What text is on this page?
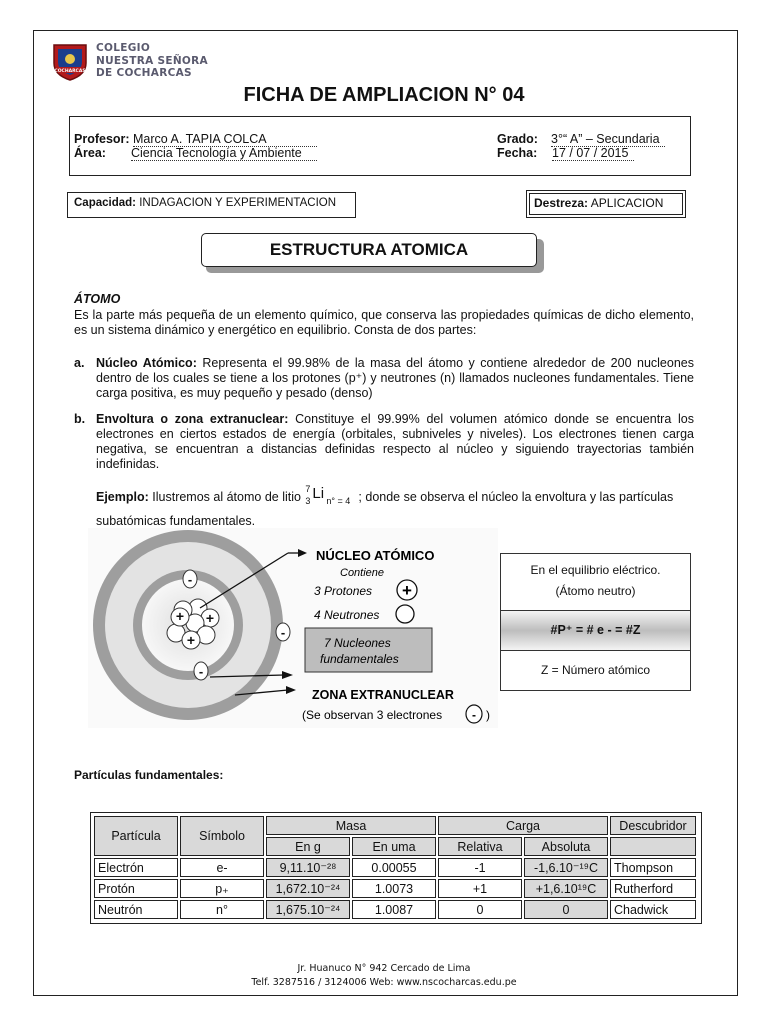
COCHARCAS
COLEGIO
NUESTRA SEÑORA
DE COCHARCAS
FICHA DE AMPLIACION N° 04
Profesor: Marco A. TAPIA COLCA
Área:	Ciencia Tecnología y Ambiente
Grado:	3°“ A” – Secundaria
Fecha:	17 / 07 / 2015
Capacidad: INDAGACION Y EXPERIMENTACION	Destreza: APLICACION
ESTRUCTURA ATOMICA
ÁTOMO
Es la parte más pequeña de un elemento químico, que conserva las propiedades químicas de dicho elemento, es un sistema dinámico y energético en equilibrio. Consta de dos partes:
a. Núcleo Atómico: Representa el 99.98% de la masa del átomo y contiene alrededor de 200 nucleones dentro de los cuales se tiene a los protones (p⁺) y neutrones (n) llamados nucleones fundamentales. Tiene carga positiva, es muy pequeño y pesado (denso)
b. Envoltura o zona extranuclear: Constituye el 99.99% del volumen atómico donde se encuentra los electrones en ciertos estados de energía (orbitales, subniveles y niveles). Los electrones tienen carga negativa, se encuentran a distancias definidas respecto al núcleo y siguiendo trayectorias también indefinidas.
Ejemplo: Ilustremos al átomo de litio
7
3 Li n° = 4 ; donde se observa el núcleo la envoltura y las partículas
subatómicas fundamentales.
+ +
+
-
-
-
NÚCLEO ATÓMICO
Contiene
3 Protones +
4 Neutrones
7 Nucleones
fundamentales
ZONA EXTRANUCLEAR
(Se observan 3 electrones - )
En el equilibrio eléctrico.
(Átomo neutro)
#P⁺ = # e - = #Z
Z = Número atómico
Partículas fundamentales:
Partícula	Símbolo
Masa
En g	En uma
Carga
Relativa	Absoluta
Descubridor
Electrón	e-	9,11.10⁻²⁸	0.00055	-1	-1,6.10⁻¹⁹C	Thompson
Protón	p₊	1,672.10⁻²⁴	1.0073	+1	+1,6.10¹⁹C	Rutherford
Neutrón	n°	1,675.10⁻²⁴	1.0087	0	0	Chadwick
Jr. Huanuco N° 942 Cercado de Lima
Telf. 3287516 / 3124006 Web: www.nscocharcas.edu.pe
